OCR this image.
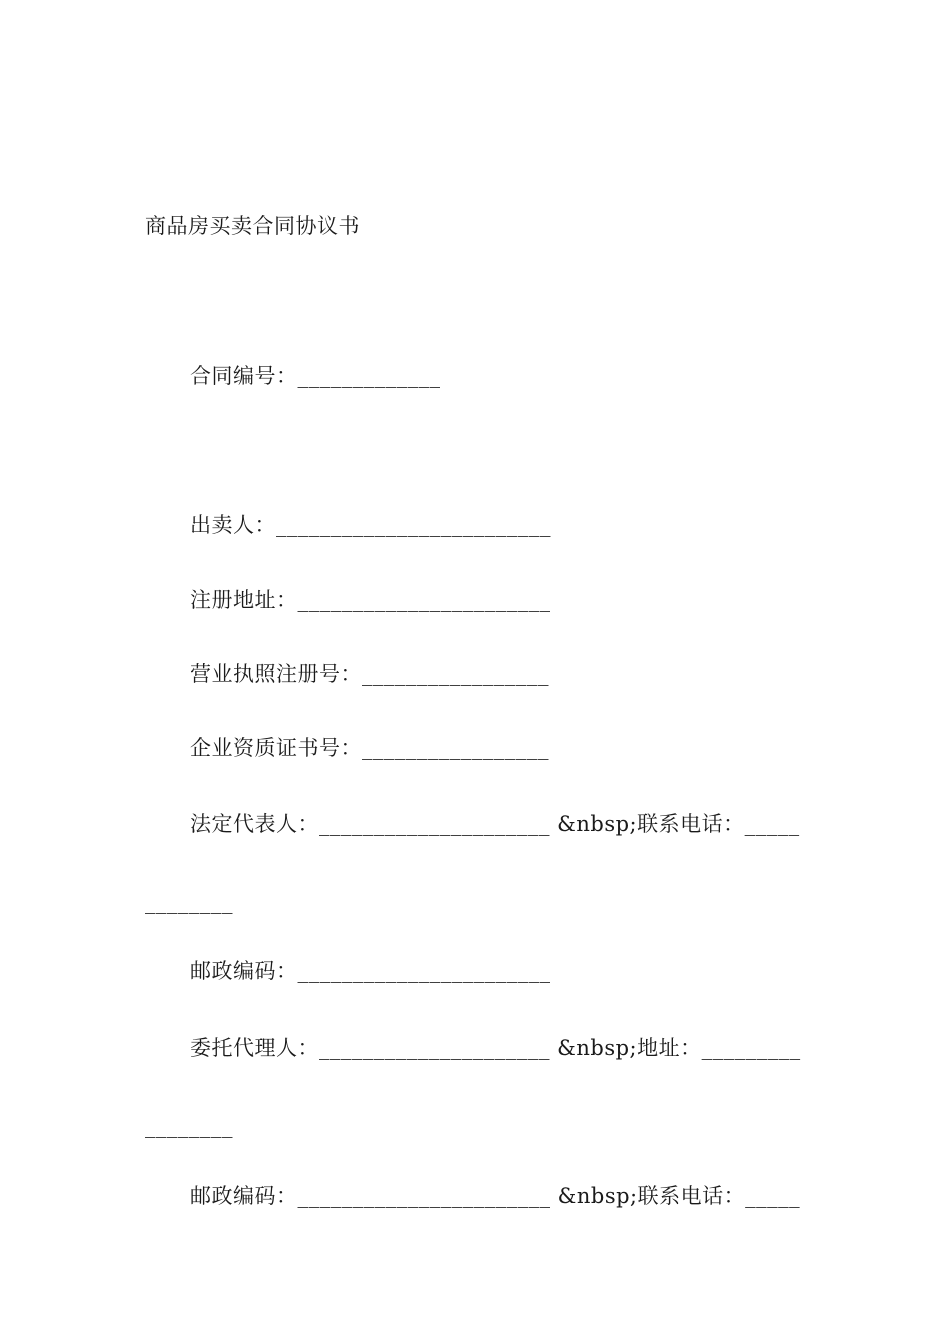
商品房买卖合同协议书
合同编号：_____________
出卖人：_________________________
注册地址：_______________________
营业执照注册号：_________________
企业资质证书号：_________________
法定代表人：_____________________ &nbsp;联系电话：_____
________
邮政编码：_______________________
委托代理人：_____________________ &nbsp;地址：_________
________
邮政编码：_______________________ &nbsp;联系电话：_____
